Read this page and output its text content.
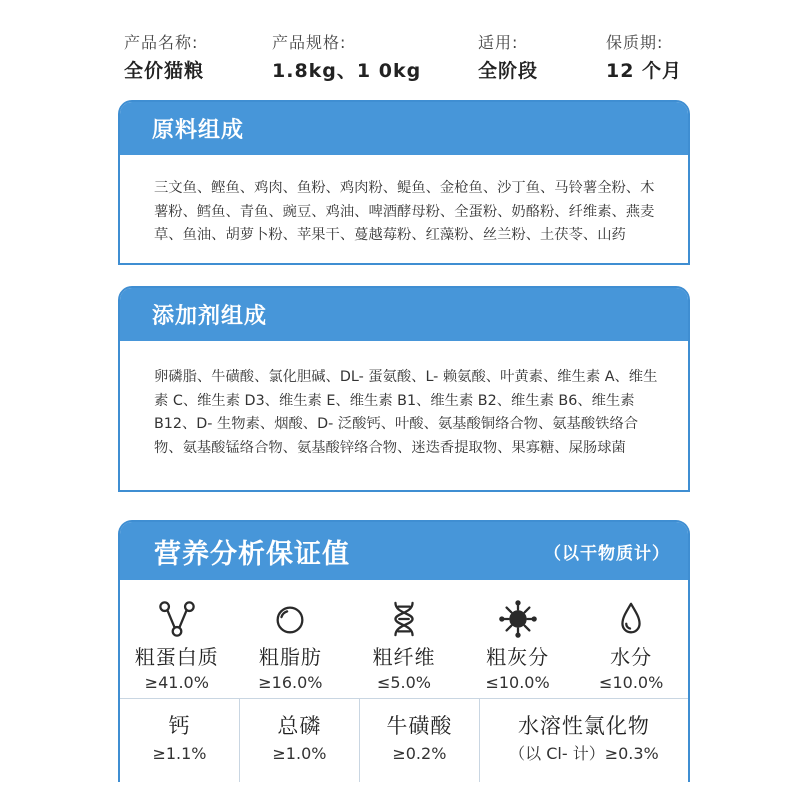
产品名称:
全价猫粮
产品规格:
1.8kg、1 0kg
适用:
全阶段
保质期:
12 个月
原料组成
三文鱼、鲣鱼、鸡肉、鱼粉、鸡肉粉、鳀鱼、金枪鱼、沙丁鱼、马铃薯全粉、木薯粉、鳕鱼、青鱼、豌豆、鸡油、啤酒酵母粉、全蛋粉、奶酪粉、纤维素、燕麦草、鱼油、胡萝卜粉、苹果干、蔓越莓粉、红藻粉、丝兰粉、土茯苓、山药
添加剂组成
卵磷脂、牛磺酸、氯化胆碱、DL- 蛋氨酸、L- 赖氨酸、叶黄素、维生素 A、维生素 C、维生素 D3、维生素 E、维生素 B1、维生素 B2、维生素 B6、维生素 B12、D- 生物素、烟酸、D- 泛酸钙、叶酸、氨基酸铜络合物、氨基酸铁络合物、氨基酸锰络合物、氨基酸锌络合物、迷迭香提取物、果寡糖、屎肠球菌
营养分析保证值	（以干物质计）
粗蛋白质
≥41.0%
粗脂肪
≥16.0%
粗纤维
≤5.0%
粗灰分
≤10.0%
水分
≤10.0%
钙
≥1.1%
总磷
≥1.0%
牛磺酸
≥0.2%
水溶性氯化物
（以 Cl- 计）≥0.3%
